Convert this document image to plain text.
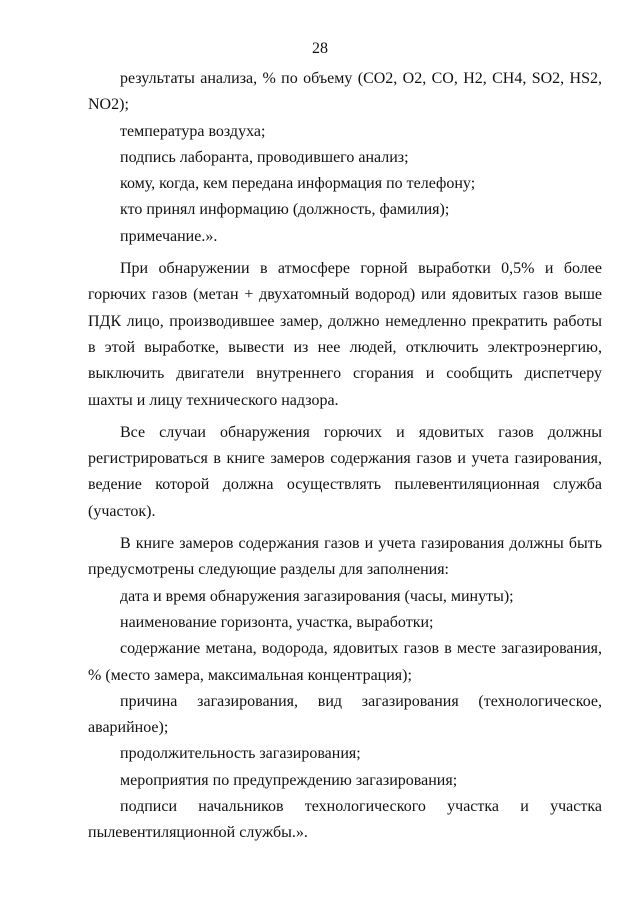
28

результаты анализа, % по объему (СО2, О2, СО, Н2, СН4, SO2, HS2, NO2);

температура воздуха;

подпись лаборанта, проводившего анализ;

кому, когда, кем передана информация по телефону;

кто принял информацию (должность, фамилия);

примечание.».

При обнаружении в атмосфере горной выработки 0,5% и более горючих газов (метан + двухатомный водород) или ядовитых газов выше ПДК лицо, производившее замер, должно немедленно прекратить работы в этой выработке, вывести из нее людей, отключить электроэнергию, выключить двигатели внутреннего сгорания и сообщить диспетчеру шахты и лицу технического надзора.

Все случаи обнаружения горючих и ядовитых газов должны регистрироваться в книге замеров содержания газов и учета газирования, ведение которой должна осуществлять пылевентиляционная служба (участок).

В книге замеров содержания газов и учета газирования должны быть предусмотрены следующие разделы для заполнения:

дата и время обнаружения загазирования (часы, минуты);

наименование горизонта, участка, выработки;

содержание метана, водорода, ядовитых газов в месте загазирования, % (место замера, максимальная концентрация);

причина загазирования, вид загазирования (технологическое, аварийное);

продолжительность загазирования;

мероприятия по предупреждению загазирования;

подписи начальников технологического участка и участка пылевентиляционной службы.».
